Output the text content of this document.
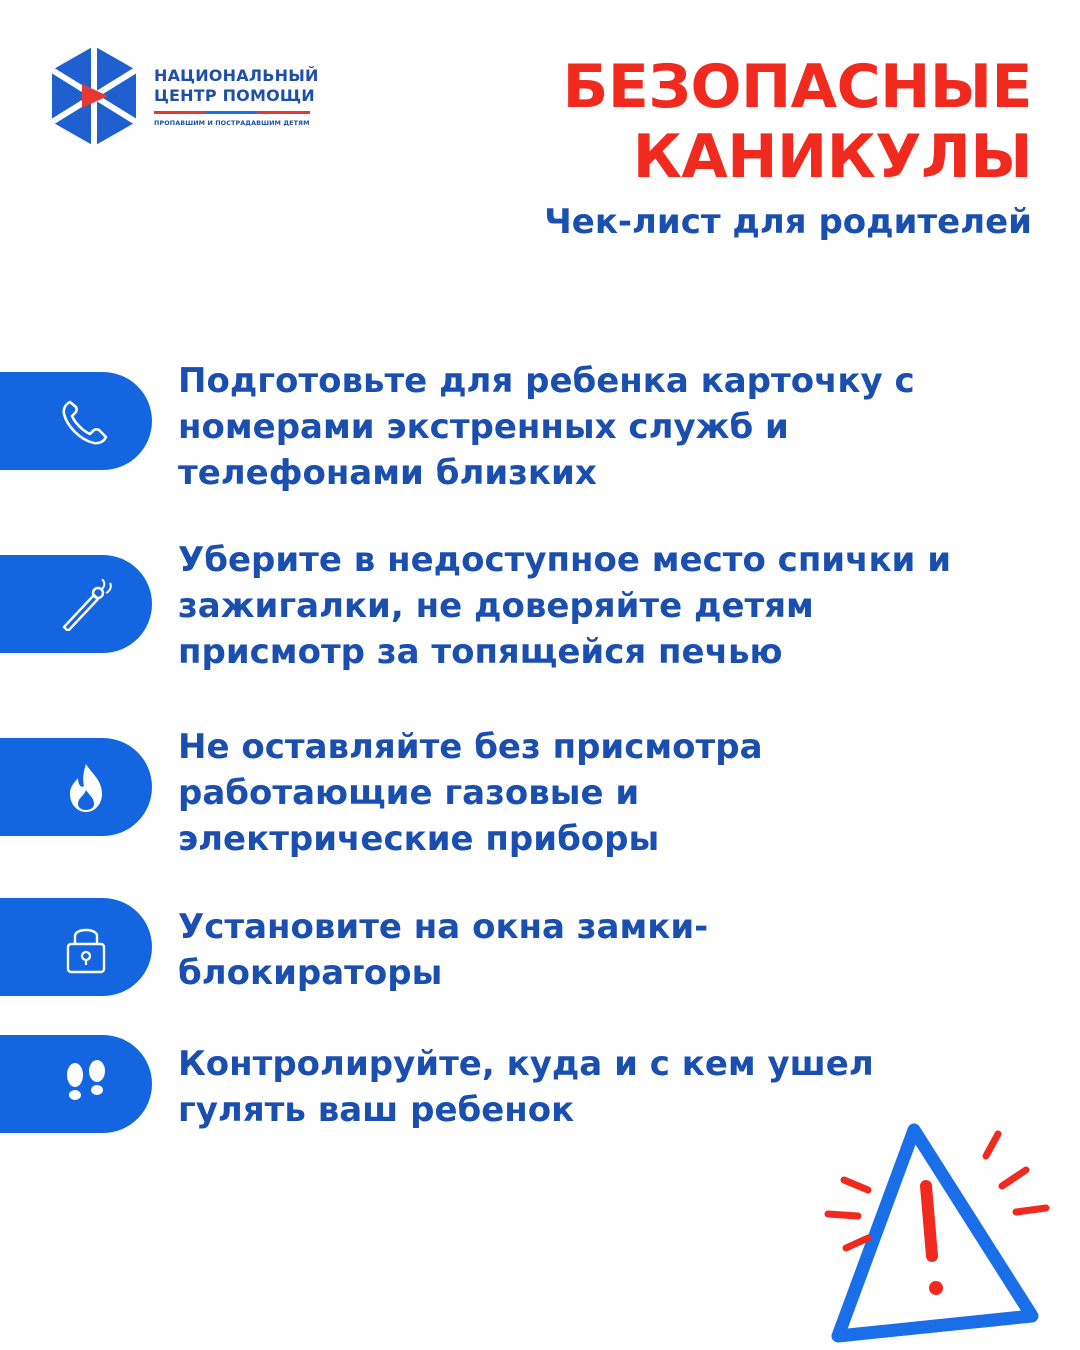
НАЦИОНАЛЬНЫЙ
ЦЕНТР ПОМОЩИ
ПРОПАВШИМ И ПОСТРАДАВШИМ ДЕТЯМ
БЕЗОПАСНЫЕ
КАНИКУЛЫ
Чек-лист для родителей
Подготовьте для ребенка карточку с
номерами экстренных служб и
телефонами близких
Уберите в недоступное место спички и
зажигалки, не доверяйте детям
присмотр за топящейся печью
Не оставляйте без присмотра
работающие газовые и
электрические приборы
Установите на окна замки-
блокираторы
Контролируйте, куда и с кем ушел
гулять ваш ребенок
